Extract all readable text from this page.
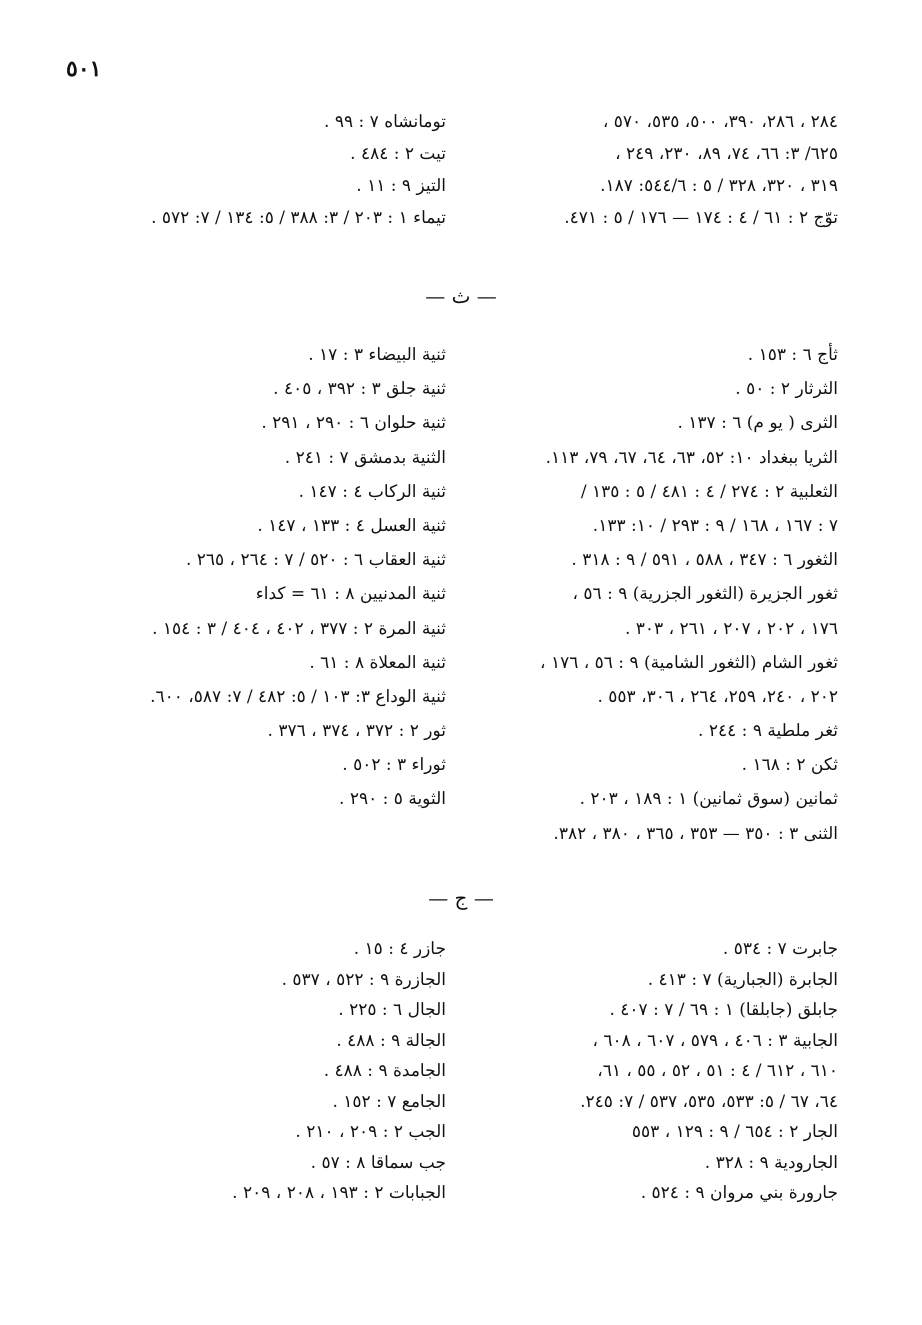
٥٠١
٢٨٤ ، ٢٨٦، ٣٩٠، ٥٠٠، ٥٣٥، ٥٧٠ ،
٦٢٥/ ٣: ٦٦، ٧٤، ٨٩، ٢٣٠، ٢٤٩ ،
٣١٩ ، ٣٢٠، ٣٢٨ / ٥ : ٥٤٤/٦: ١٨٧.
توّج ٢ : ٦١ / ٤ : ١٧٤ — ١٧٦ / ٥ : ٤٧١.
تومانشاه ٧ : ٩٩ .
تيت ٢ : ٤٨٤ .
التيز ٩ : ١١ .
تيماء ١ : ٢٠٣ / ٣: ٣٨٨ / ٥: ١٣٤ / ٧: ٥٧٢ .
— ث —
ثأج ٦ : ١٥٣ .
الثرثار ٢ : ٥٠ .
الثرى ( يو م) ٦ : ١٣٧ .
الثريا ببغداد ١٠: ٥٢، ٦٣، ٦٤، ٦٧، ٧٩، ١١٣.
الثعلبية ٢ : ٢٧٤ / ٤ : ٤٨١ / ٥ : ١٣٥ /
٧ : ١٦٧ ، ١٦٨ / ٩ : ٢٩٣ / ١٠: ١٣٣.
الثغور ٦ : ٣٤٧ ، ٥٨٨ ، ٥٩١ / ٩ : ٣١٨ .
ثغور الجزيرة (الثغور الجزرية) ٩ : ٥٦ ،
١٧٦ ، ٢٠٢ ، ٢٠٧ ، ٢٦١ ، ٣٠٣ .
ثغور الشام (الثغور الشامية) ٩ : ٥٦ ، ١٧٦ ،
٢٠٢ ، ٢٤٠، ٢٥٩، ٢٦٤ ، ٣٠٦، ٥٥٣ .
ثغر ملطية ٩ : ٢٤٤ .
ثكن ٢ : ١٦٨ .
ثمانين (سوق ثمانين) ١ : ١٨٩ ، ٢٠٣ .
الثنى ٣ : ٣٥٠ — ٣٥٣ ، ٣٦٥ ، ٣٨٠ ، ٣٨٢.
ثنية البيضاء ٣ : ١٧ .
ثنية جلق ٣ : ٣٩٢ ، ٤٠٥ .
ثنية حلوان ٦ : ٢٩٠ ، ٢٩١ .
الثنية بدمشق ٧ : ٢٤١ .
ثنية الركاب ٤ : ١٤٧ .
ثنية العسل ٤ : ١٣٣ ، ١٤٧ .
ثنية العقاب ٦ : ٥٢٠ / ٧ : ٢٦٤ ، ٢٦٥ .
ثنية المدنيين ٨ : ٦١ = كداء
ثنية المرة ٢ : ٣٧٧ ، ٤٠٢ ، ٤٠٤ / ٣ : ١٥٤ .
ثنية المعلاة ٨ : ٦١ .
ثنية الوداع ٣: ١٠٣ / ٥: ٤٨٢ / ٧: ٥٨٧، ٦٠٠.
ثور ٢ : ٣٧٢ ، ٣٧٤ ، ٣٧٦ .
ثوراء ٣ : ٥٠٢ .
الثوية ٥ : ٢٩٠ .
— ج —
جابرت ٧ : ٥٣٤ .
الجابرة (الجبارية) ٧ : ٤١٣ .
جابلق (جابلقا) ١ : ٦٩ / ٧ : ٤٠٧ .
الجابية ٣ : ٤٠٦ ، ٥٧٩ ، ٦٠٧ ، ٦٠٨ ،
٦١٠ ، ٦١٢ / ٤ : ٥١ ، ٥٢ ، ٥٥ ، ٦١،
٦٤، ٦٧ / ٥: ٥٣٣، ٥٣٥، ٥٣٧ / ٧: ٢٤٥.
الجار ٢ : ٦٥٤ / ٩ : ١٢٩ ، ٥٥٣
الجارودية ٩ : ٣٢٨ .
جارورة بني مروان ٩ : ٥٢٤ .
جازر ٤ : ١٥ .
الجازرة ٩ : ٥٢٢ ، ٥٣٧ .
الجال ٦ : ٢٢٥ .
الجالة ٩ : ٤٨٨ .
الجامدة ٩ : ٤٨٨ .
الجامع ٧ : ١٥٢ .
الجب ٢ : ٢٠٩ ، ٢١٠ .
جب سماقا ٨ : ٥٧ .
الجبابات ٢ : ١٩٣ ، ٢٠٨ ، ٢٠٩ .
